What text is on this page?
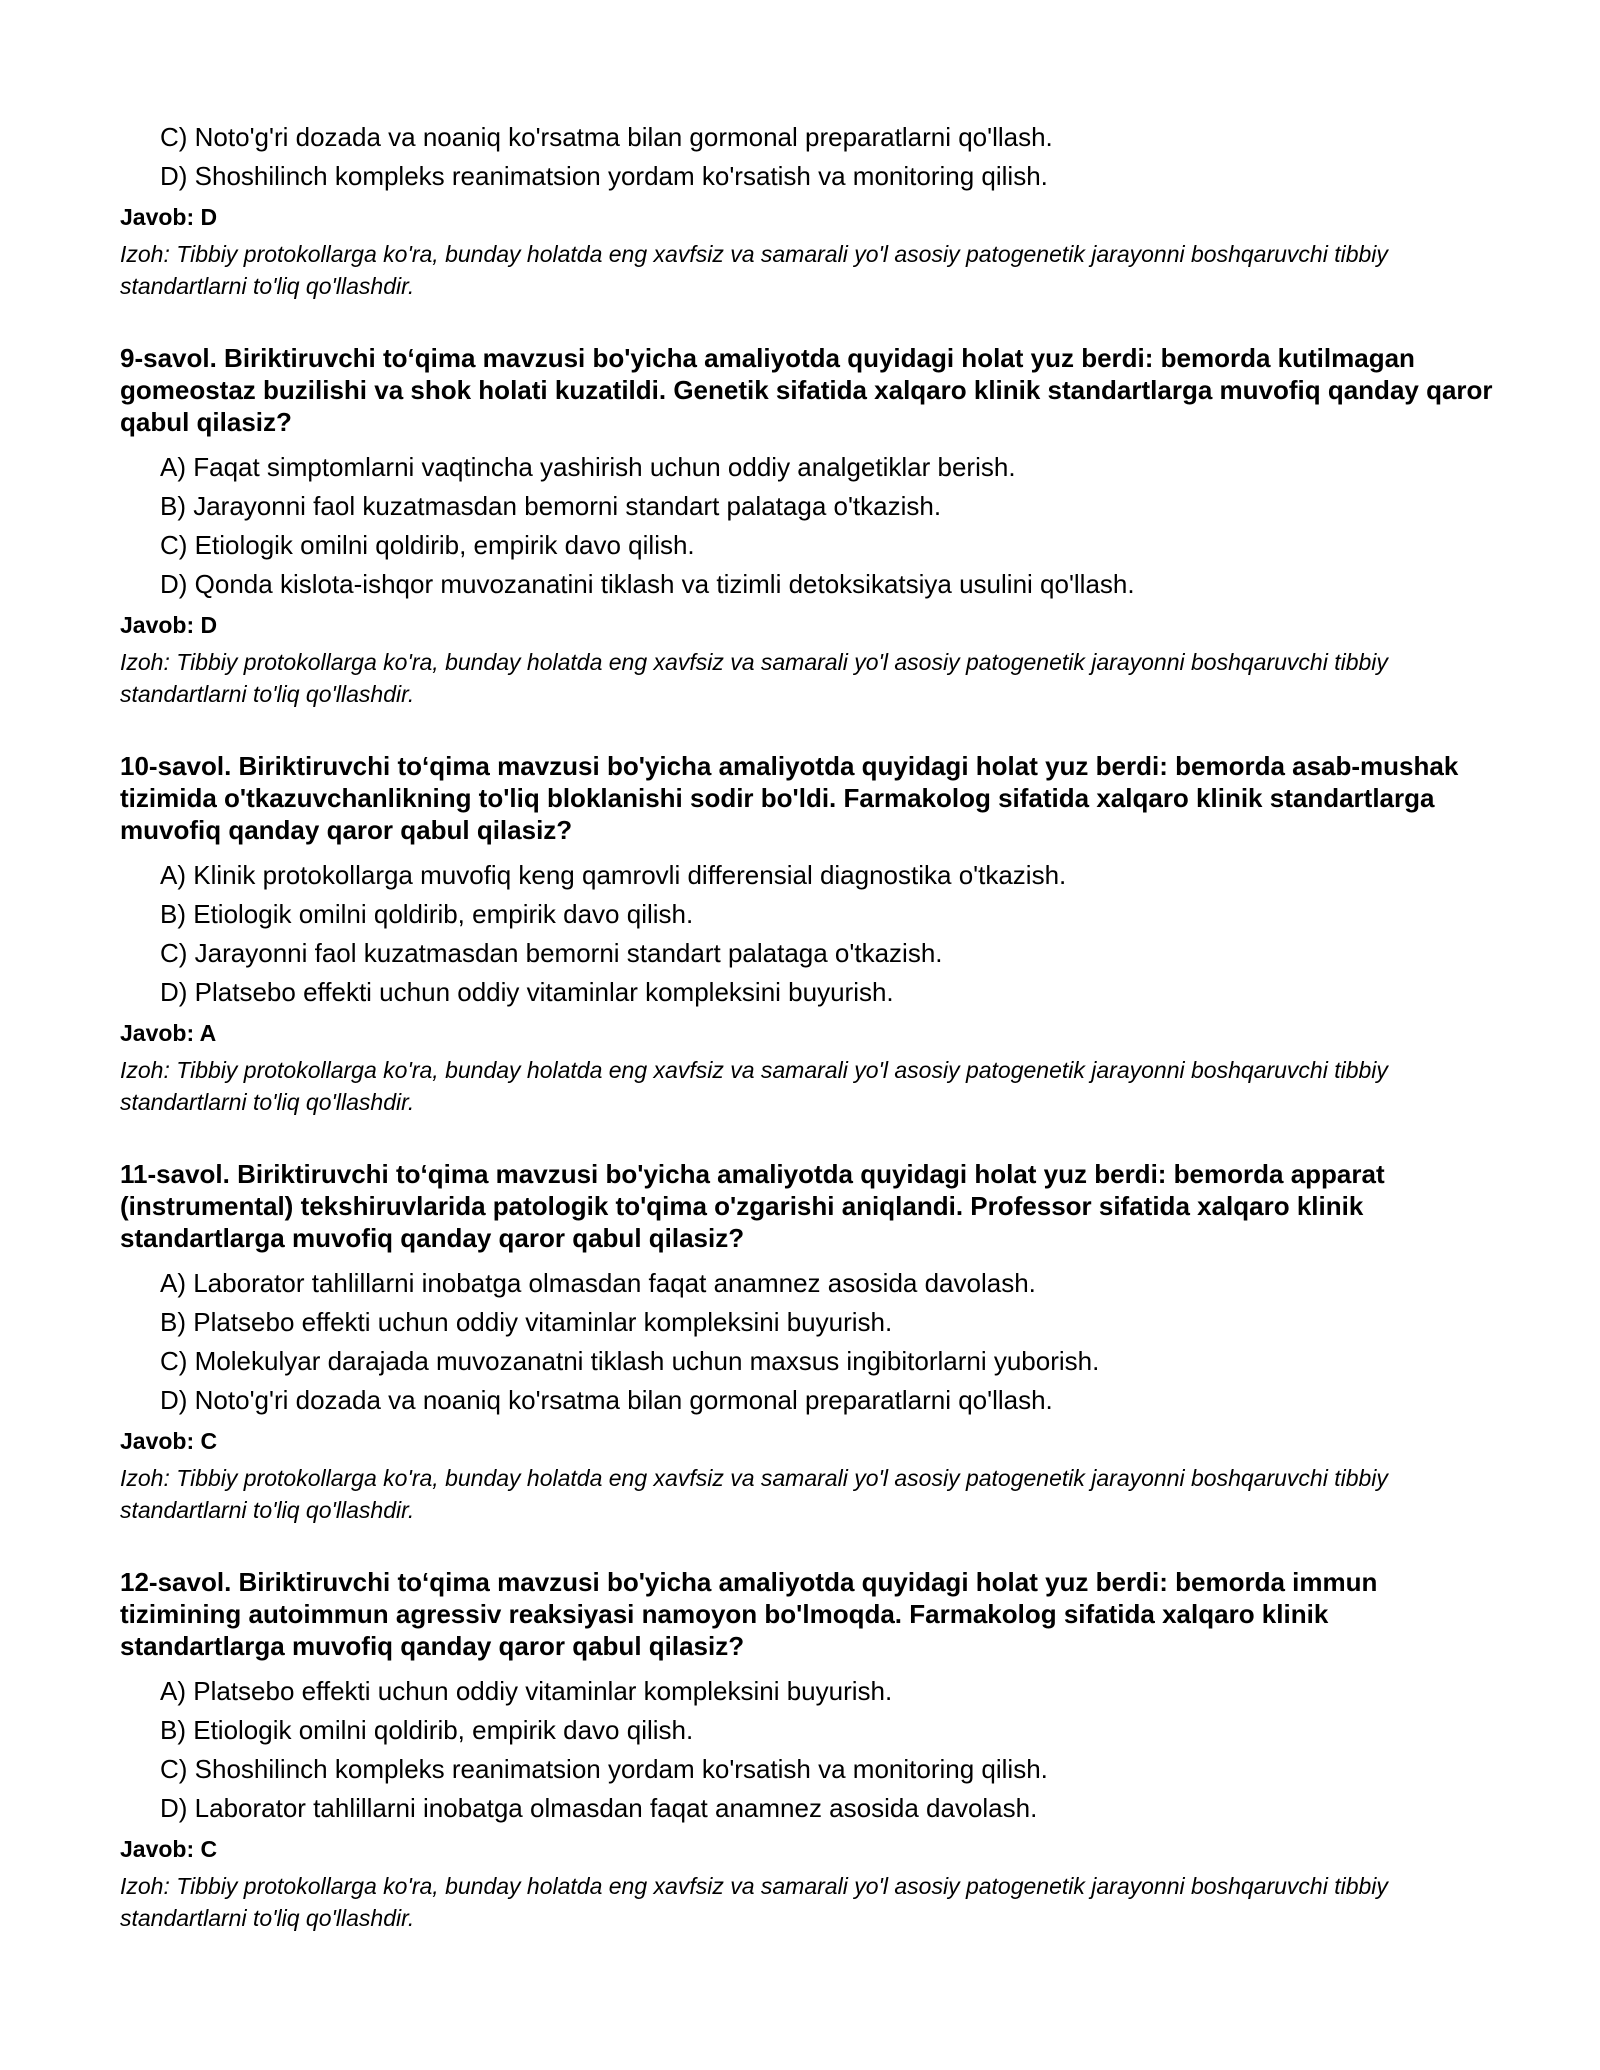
C) Noto'g'ri dozada va noaniq ko'rsatma bilan gormonal preparatlarni qo'llash.
D) Shoshilinch kompleks reanimatsion yordam ko'rsatish va monitoring qilish.
Javob: D
Izoh: Tibbiy protokollarga ko'ra, bunday holatda eng xavfsiz va samarali yo'l asosiy patogenetik jarayonni boshqaruvchi tibbiy standartlarni to'liq qo'llashdir.
9-savol. Biriktiruvchi to‘qima mavzusi bo'yicha amaliyotda quyidagi holat yuz berdi: bemorda kutilmagan gomeostaz buzilishi va shok holati kuzatildi. Genetik sifatida xalqaro klinik standartlarga muvofiq qanday qaror qabul qilasiz?
A) Faqat simptomlarni vaqtincha yashirish uchun oddiy analgetiklar berish.
B) Jarayonni faol kuzatmasdan bemorni standart palataga o'tkazish.
C) Etiologik omilni qoldirib, empirik davo qilish.
D) Qonda kislota-ishqor muvozanatini tiklash va tizimli detoksikatsiya usulini qo'llash.
Javob: D
Izoh: Tibbiy protokollarga ko'ra, bunday holatda eng xavfsiz va samarali yo'l asosiy patogenetik jarayonni boshqaruvchi tibbiy standartlarni to'liq qo'llashdir.
10-savol. Biriktiruvchi to‘qima mavzusi bo'yicha amaliyotda quyidagi holat yuz berdi: bemorda asab-mushak tizimida o'tkazuvchanlikning to'liq bloklanishi sodir bo'ldi. Farmakolog sifatida xalqaro klinik standartlarga muvofiq qanday qaror qabul qilasiz?
A) Klinik protokollarga muvofiq keng qamrovli differensial diagnostika o'tkazish.
B) Etiologik omilni qoldirib, empirik davo qilish.
C) Jarayonni faol kuzatmasdan bemorni standart palataga o'tkazish.
D) Platsebo effekti uchun oddiy vitaminlar kompleksini buyurish.
Javob: A
Izoh: Tibbiy protokollarga ko'ra, bunday holatda eng xavfsiz va samarali yo'l asosiy patogenetik jarayonni boshqaruvchi tibbiy standartlarni to'liq qo'llashdir.
11-savol. Biriktiruvchi to‘qima mavzusi bo'yicha amaliyotda quyidagi holat yuz berdi: bemorda apparat (instrumental) tekshiruvlarida patologik to'qima o'zgarishi aniqlandi. Professor sifatida xalqaro klinik standartlarga muvofiq qanday qaror qabul qilasiz?
A) Laborator tahlillarni inobatga olmasdan faqat anamnez asosida davolash.
B) Platsebo effekti uchun oddiy vitaminlar kompleksini buyurish.
C) Molekulyar darajada muvozanatni tiklash uchun maxsus ingibitorlarni yuborish.
D) Noto'g'ri dozada va noaniq ko'rsatma bilan gormonal preparatlarni qo'llash.
Javob: C
Izoh: Tibbiy protokollarga ko'ra, bunday holatda eng xavfsiz va samarali yo'l asosiy patogenetik jarayonni boshqaruvchi tibbiy standartlarni to'liq qo'llashdir.
12-savol. Biriktiruvchi to‘qima mavzusi bo'yicha amaliyotda quyidagi holat yuz berdi: bemorda immun tizimining autoimmun agressiv reaksiyasi namoyon bo'lmoqda. Farmakolog sifatida xalqaro klinik standartlarga muvofiq qanday qaror qabul qilasiz?
A) Platsebo effekti uchun oddiy vitaminlar kompleksini buyurish.
B) Etiologik omilni qoldirib, empirik davo qilish.
C) Shoshilinch kompleks reanimatsion yordam ko'rsatish va monitoring qilish.
D) Laborator tahlillarni inobatga olmasdan faqat anamnez asosida davolash.
Javob: C
Izoh: Tibbiy protokollarga ko'ra, bunday holatda eng xavfsiz va samarali yo'l asosiy patogenetik jarayonni boshqaruvchi tibbiy standartlarni to'liq qo'llashdir.
